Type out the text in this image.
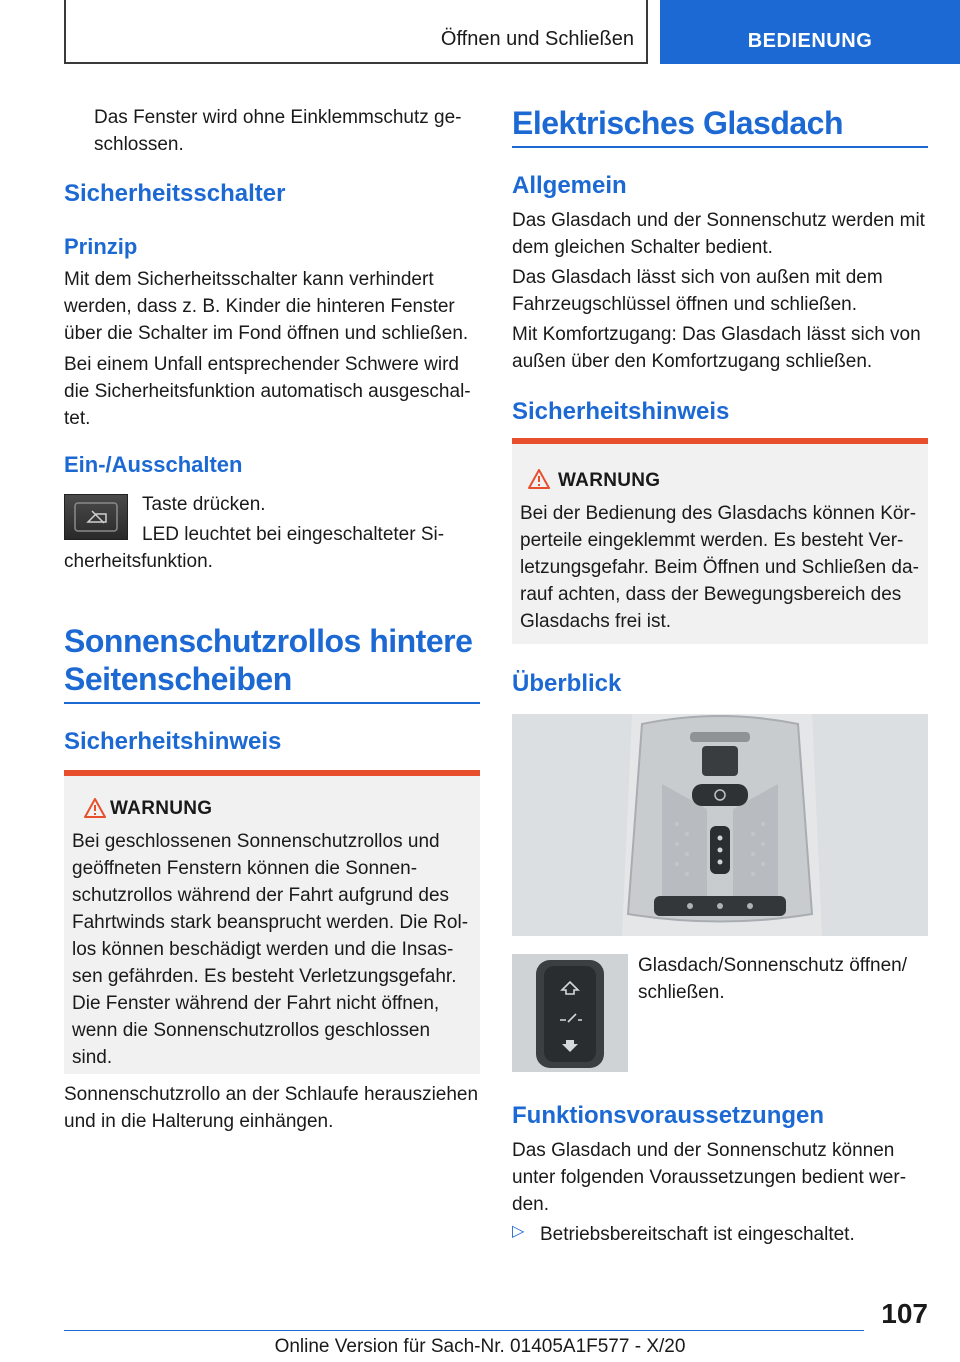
Öffnen und Schließen	BEDIENUNG

Das Fenster wird ohne Einklemmschutz geschlossen.

Sicherheitsschalter
Prinzip

Mit dem Sicherheitsschalter kann verhindert werden, dass z. B. Kinder die hinteren Fenster über die Schalter im Fond öffnen und schließen.

Bei einem Unfall entsprechender Schwere wird die Sicherheitsfunktion automatisch ausgeschaltet.

Ein-/Ausschalten

Taste drücken.

LED leuchtet bei eingeschalteter Sicherheitsfunktion.

Sonnenschutzrollos hintere Seitenscheiben
Sicherheitshinweis
WARNUNG

Bei geschlossenen Sonnenschutzrollos und geöffneten Fenstern können die Sonnenschutzrollos während der Fahrt aufgrund des Fahrtwinds stark beansprucht werden. Die Rollos können beschädigt werden und die Insassen gefährden. Es besteht Verletzungsgefahr. Die Fenster während der Fahrt nicht öffnen, wenn die Sonnenschutzrollos geschlossen sind.

Sonnenschutzrollo an der Schlaufe herausziehen und in die Halterung einhängen.

Elektrisches Glasdach
Allgemein

Das Glasdach und der Sonnenschutz werden mit dem gleichen Schalter bedient.

Das Glasdach lässt sich von außen mit dem Fahrzeugschlüssel öffnen und schließen.

Mit Komfortzugang: Das Glasdach lässt sich von außen über den Komfortzugang schließen.

Sicherheitshinweis
WARNUNG

Bei der Bedienung des Glasdachs können Körperteile eingeklemmt werden. Es besteht Verletzungsgefahr. Beim Öffnen und Schließen darauf achten, dass der Bewegungsbereich des Glasdachs frei ist.

Überblick

Glasdach/Sonnenschutz öffnen/ schließen.

Funktionsvoraussetzungen

Das Glasdach und der Sonnenschutz können unter folgenden Voraussetzungen bedient werden.

▷ Betriebsbereitschaft ist eingeschaltet.

107
Online Version für Sach-Nr. 01405A1F577 - X/20
